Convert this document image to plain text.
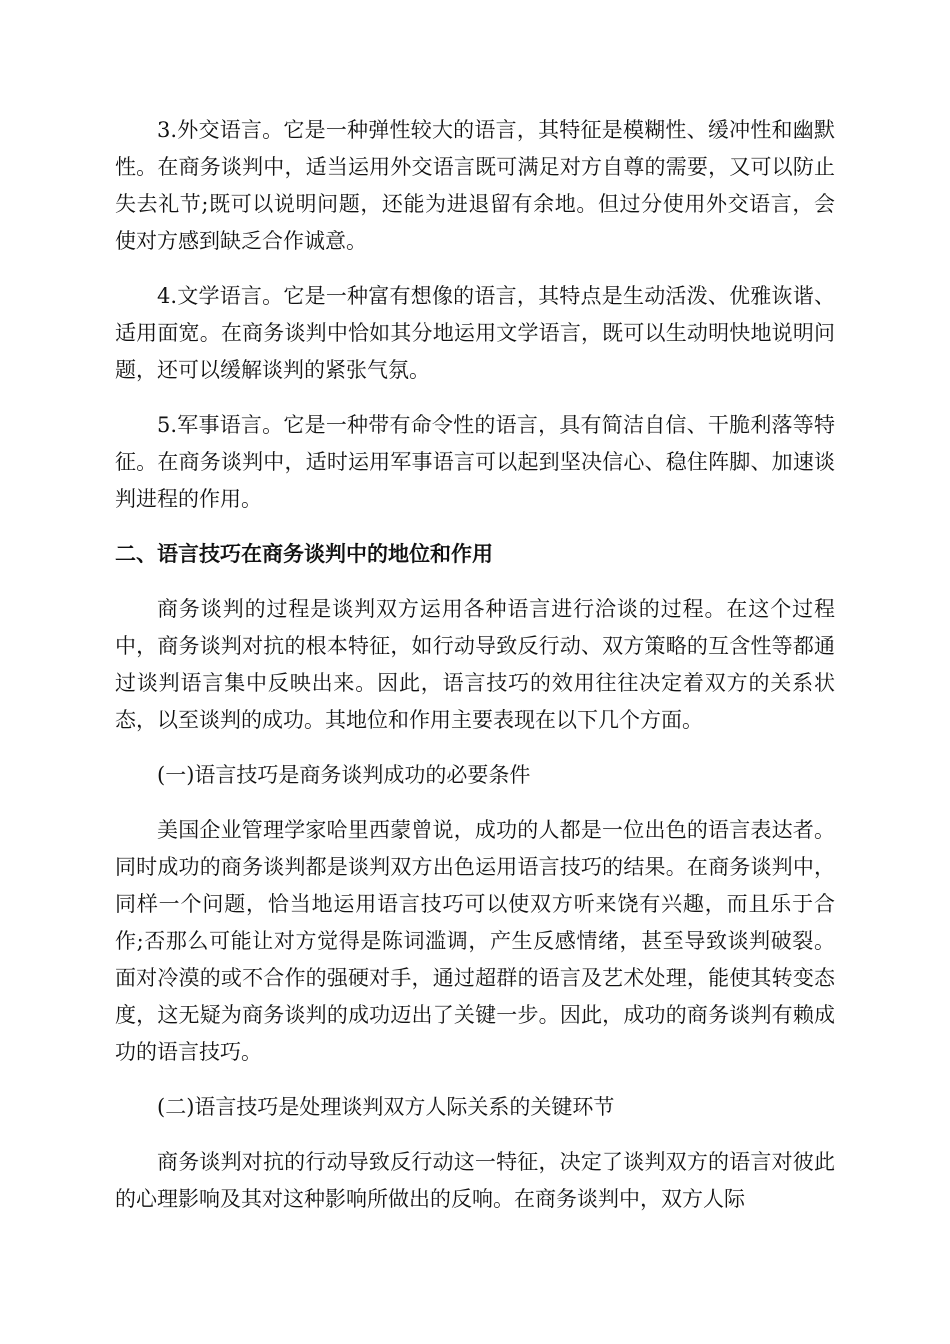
3.外交语言。它是一种弹性较大的语言，其特征是模糊性、缓冲性和幽默性。在商务谈判中，适当运用外交语言既可满足对方自尊的需要，又可以防止失去礼节;既可以说明问题，还能为进退留有余地。但过分使用外交语言，会使对方感到缺乏合作诚意。

4.文学语言。它是一种富有想像的语言，其特点是生动活泼、优雅诙谐、适用面宽。在商务谈判中恰如其分地运用文学语言，既可以生动明快地说明问题，还可以缓解谈判的紧张气氛。

5.军事语言。它是一种带有命令性的语言，具有简洁自信、干脆利落等特征。在商务谈判中，适时运用军事语言可以起到坚决信心、稳住阵脚、加速谈判进程的作用。

二、语言技巧在商务谈判中的地位和作用

商务谈判的过程是谈判双方运用各种语言进行洽谈的过程。在这个过程中，商务谈判对抗的根本特征，如行动导致反行动、双方策略的互含性等都通过谈判语言集中反映出来。因此，语言技巧的效用往往决定着双方的关系状态，以至谈判的成功。其地位和作用主要表现在以下几个方面。

(一)语言技巧是商务谈判成功的必要条件

美国企业管理学家哈里西蒙曾说，成功的人都是一位出色的语言表达者。同时成功的商务谈判都是谈判双方出色运用语言技巧的结果。在商务谈判中，同样一个问题，恰当地运用语言技巧可以使双方听来饶有兴趣，而且乐于合作;否那么可能让对方觉得是陈词滥调，产生反感情绪，甚至导致谈判破裂。面对冷漠的或不合作的强硬对手，通过超群的语言及艺术处理，能使其转变态度，这无疑为商务谈判的成功迈出了关键一步。因此，成功的商务谈判有赖成功的语言技巧。

(二)语言技巧是处理谈判双方人际关系的关键环节

商务谈判对抗的行动导致反行动这一特征，决定了谈判双方的语言对彼此的心理影响及其对这种影响所做出的反响。在商务谈判中，双方人际
